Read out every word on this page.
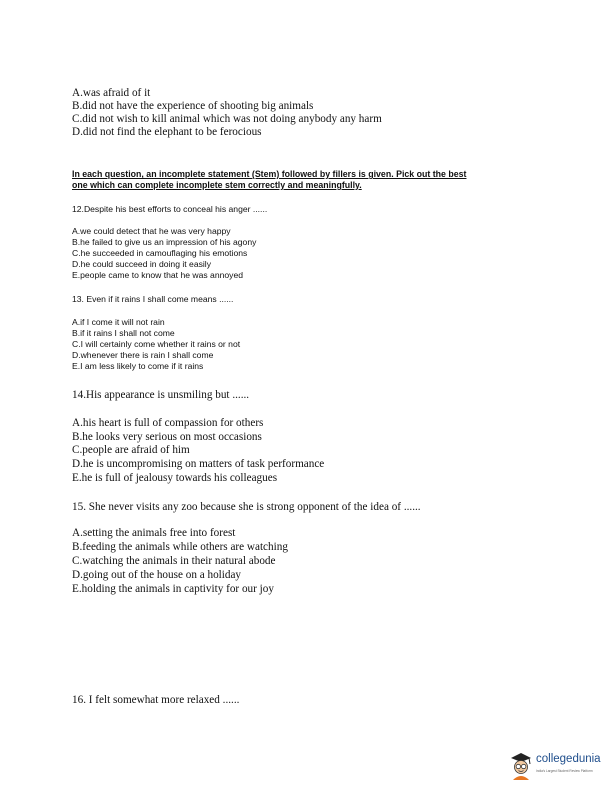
A.was afraid of it
B.did not have the experience of shooting big animals
C.did not wish to kill animal which was not doing anybody any harm
D.did not find the elephant to be ferocious
In each question, an incomplete statement (Stem) followed by fillers is given. Pick out the best
one which can complete incomplete stem correctly and meaningfully.
12.Despite his best efforts to conceal his anger ......
A.we could detect that he was very happy
B.he failed to give us an impression of his agony
C.he succeeded in camouflaging his emotions
D.he could succeed in doing it easily
E.people came to know that he was annoyed
13. Even if it rains I shall come means ......
A.if I come it will not rain
B.if it rains I shall not come
C.I will certainly come whether it rains or not
D.whenever there is rain I shall come
E.I am less likely to come if it rains
14.His appearance is unsmiling but ......
A.his heart is full of compassion for others
B.he looks very serious on most occasions
C.people are afraid of him
D.he is uncompromising on matters of task performance
E.he is full of jealousy towards his colleagues
15. She never visits any zoo because she is strong opponent of the idea of ......
A.setting the animals free into forest
B.feeding the animals while others are watching
C.watching the animals in their natural abode
D.going out of the house on a holiday
E.holding the animals in captivity for our joy
16. I felt somewhat more relaxed ......
collegedunia
India's Largest Student Review Platform
